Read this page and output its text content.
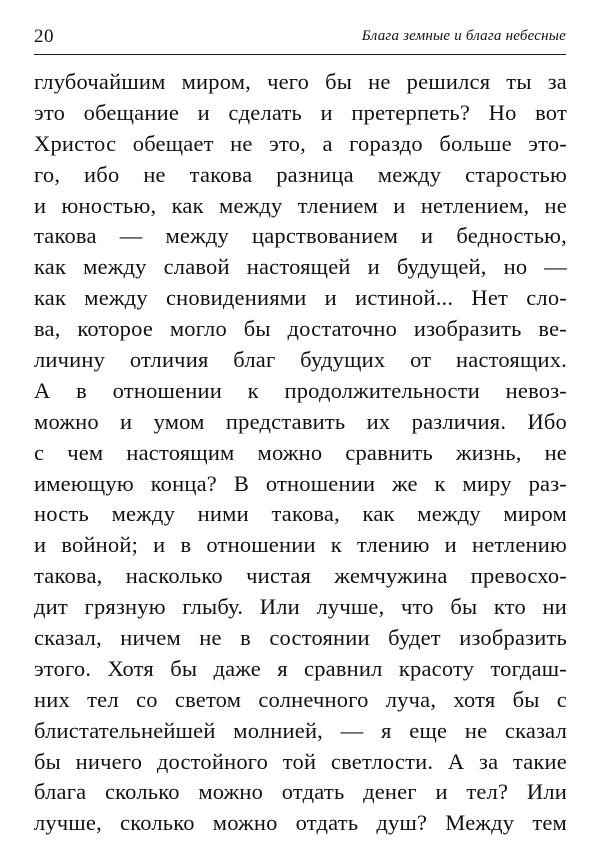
20	Блага земные и блага небесные
глубочайшим миром, чего бы не решился ты за
это обещание и сделать и претерпеть? Но вот
Христос обещает не это, а гораздо больше это-
го, ибо не такова разница между старостью
и юностью, как между тлением и нетлением, не
такова — между царствованием и бедностью,
как между славой настоящей и будущей, но —
как между сновидениями и истиной... Нет сло-
ва, которое могло бы достаточно изобразить ве-
личину отличия благ будущих от настоящих.
А в отношении к продолжительности невоз-
можно и умом представить их различия. Ибо
с чем настоящим можно сравнить жизнь, не
имеющую конца? В отношении же к миру раз-
ность между ними такова, как между миром
и войной; и в отношении к тлению и нетлению
такова, насколько чистая жемчужина превосхо-
дит грязную глыбу. Или лучше, что бы кто ни
сказал, ничем не в состоянии будет изобразить
этого. Хотя бы даже я сравнил красоту тогдаш-
них тел со светом солнечного луча, хотя бы с
блистательнейшей молнией, — я еще не сказал
бы ничего достойного той светлости. А за такие
блага сколько можно отдать денег и тел? Или
лучше, сколько можно отдать душ? Между тем
